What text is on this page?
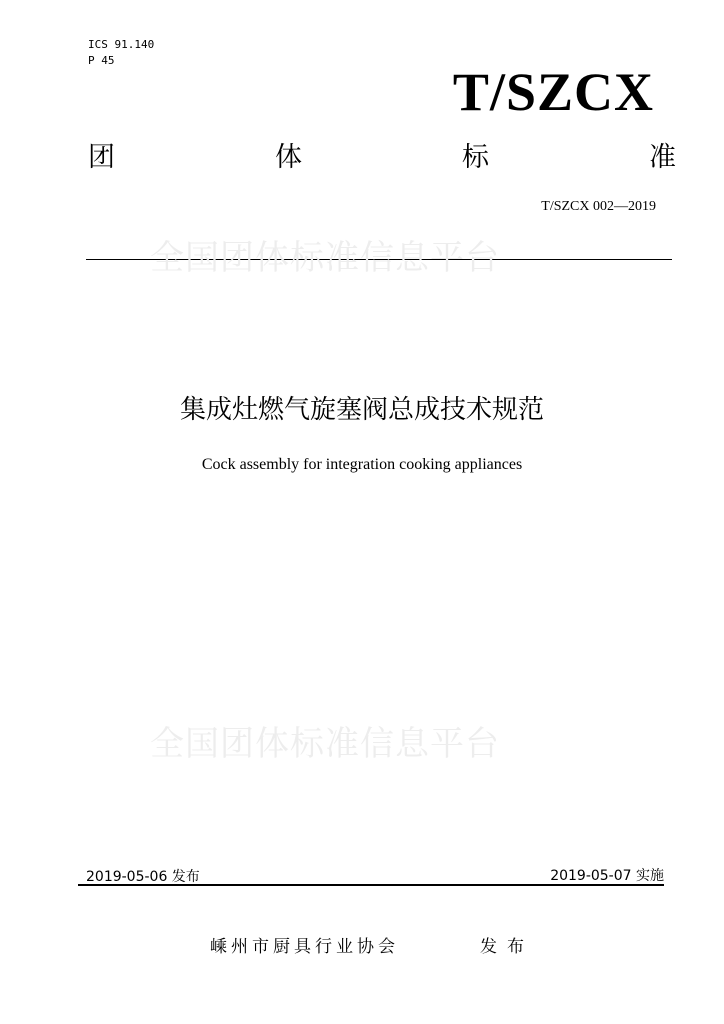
ICS 91.140
P 45
T/SZCX
团	体	标	准
T/SZCX 002—2019
全国团体标准信息平台
全国团体标准信息平台
集成灶燃气旋塞阀总成技术规范
Cock assembly for integration cooking appliances
2019-05-06 发布	2019-05-07 实施
嵊州市厨具行业协会	发布
